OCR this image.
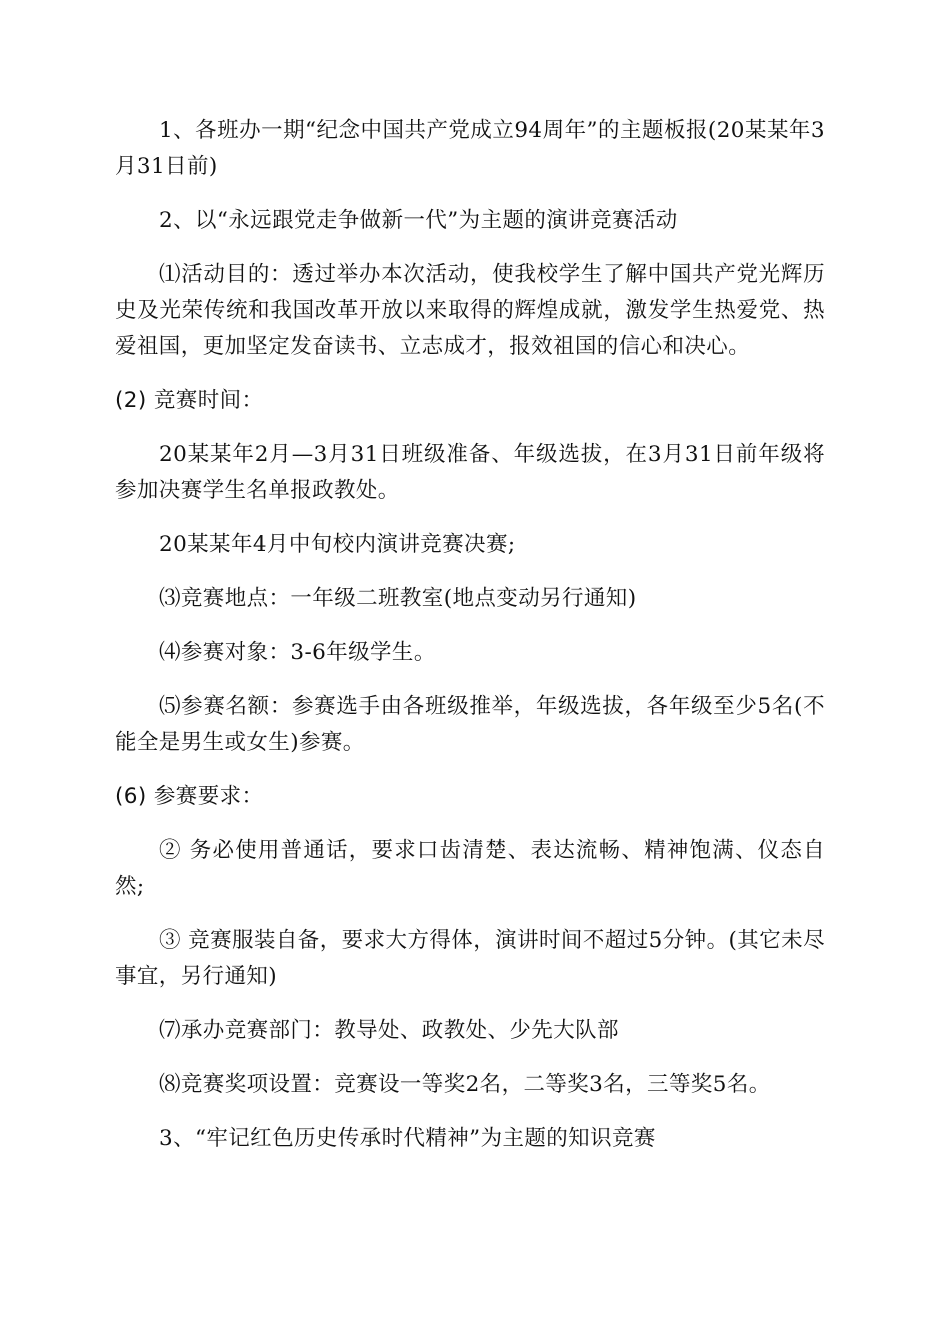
1、各班办一期“纪念中国共产党成立94周年”的主题板报(20某某年3月31日前)

2、以“永远跟党走争做新一代”为主题的演讲竞赛活动

⑴活动目的：透过举办本次活动，使我校学生了解中国共产党光辉历史及光荣传统和我国改革开放以来取得的辉煌成就，激发学生热爱党、热爱祖国，更加坚定发奋读书、立志成才，报效祖国的信心和决心。

(2) 竞赛时间：

20某某年2月—3月31日班级准备、年级选拔，在3月31日前年级将参加决赛学生名单报政教处。

20某某年4月中旬校内演讲竞赛决赛;

⑶竞赛地点：一年级二班教室(地点变动另行通知)

⑷参赛对象：3-6年级学生。

⑸参赛名额：参赛选手由各班级推举，年级选拔，各年级至少5名(不能全是男生或女生)参赛。

(6) 参赛要求：

② 务必使用普通话，要求口齿清楚、表达流畅、精神饱满、仪态自然;

③ 竞赛服装自备，要求大方得体，演讲时间不超过5分钟。(其它未尽事宜，另行通知)

⑺承办竞赛部门：教导处、政教处、少先大队部

⑻竞赛奖项设置：竞赛设一等奖2名，二等奖3名，三等奖5名。

3、“牢记红色历史传承时代精神”为主题的知识竞赛
